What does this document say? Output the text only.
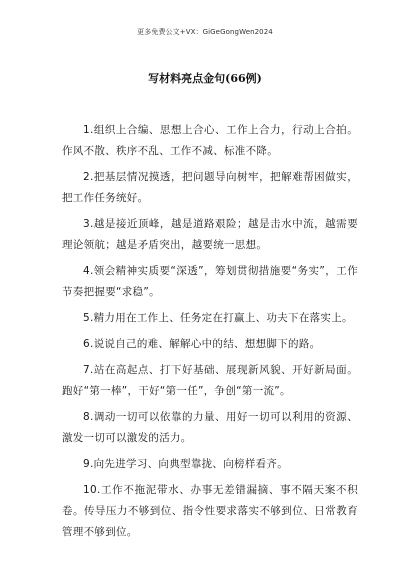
更多免费公文+VX：GiGeGongWen2024
写材料亮点金句(66例)
1.组织上合编、思想上合心、工作上合力，行动上合拍。作风不散、秩序不乱、工作不减、标准不降。
2.把基层情况摸透，把问题导向树牢，把解难帮困做实，把工作任务统好。
3.越是接近顶峰，越是道路艰险；越是击水中流，越需要理论领航；越是矛盾突出，越要统一思想。
4.领会精神实质要“深透”，筹划贯彻措施要“务实”，工作节奏把握要“求稳”。
5.精力用在工作上、任务定在打赢上、功夫下在落实上。
6.说说自己的难、解解心中的结、想想脚下的路。
7.站在高起点、打下好基础、展现新风貌、开好新局面。跑好“第一棒”，干好“第一任”，争创“第一流”。
8.调动一切可以依靠的力量、用好一切可以利用的资源、激发一切可以激发的活力。
9.向先进学习、向典型靠拢、向榜样看齐。
10.工作不拖泥带水、办事无差错漏摘、事不隔天案不积卷。传导压力不够到位、指令性要求落实不够到位、日常教育管理不够到位。
